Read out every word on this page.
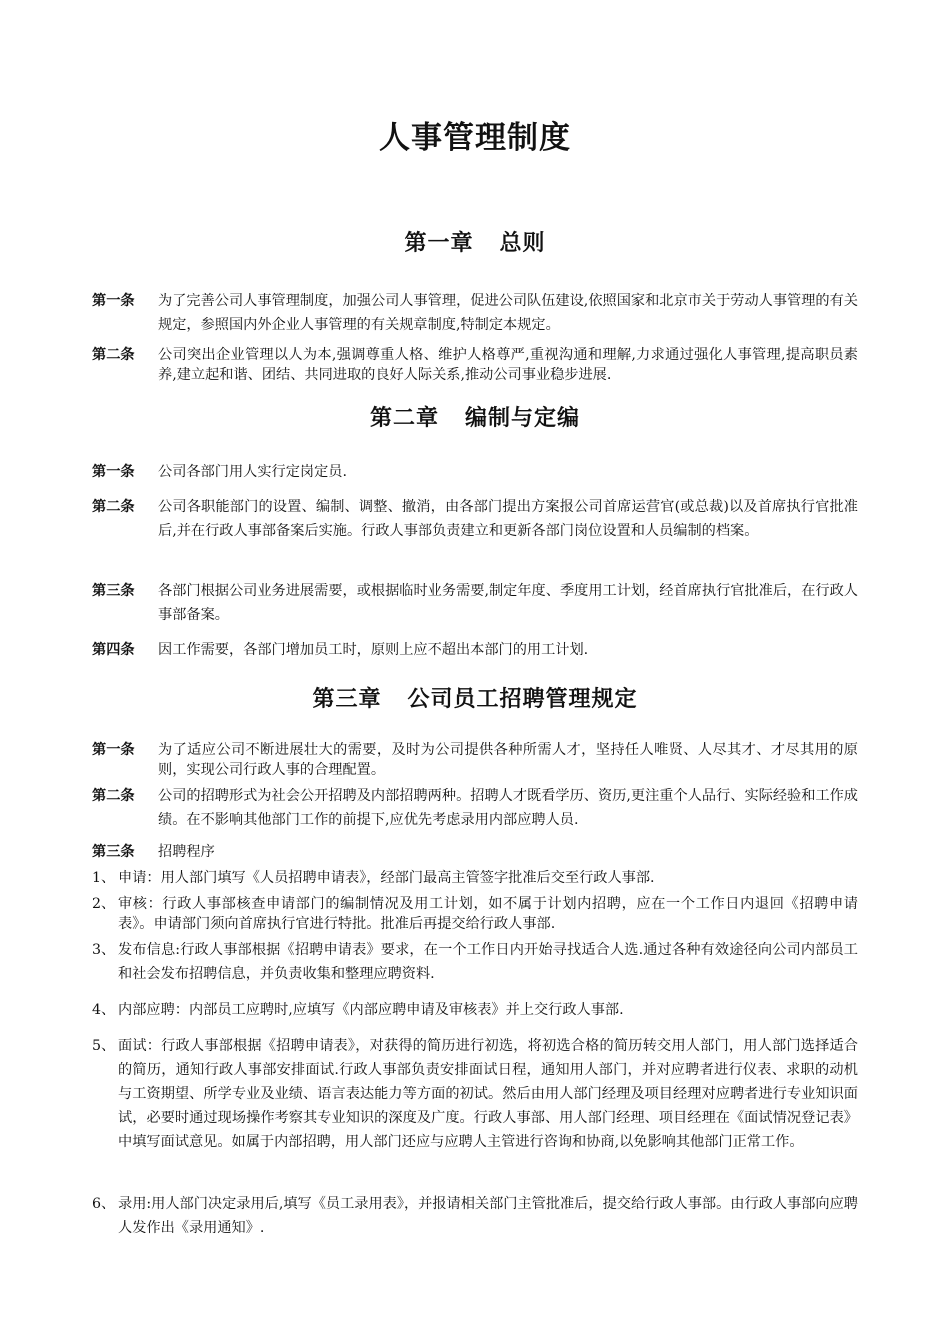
人事管理制度
第一章 总则
第一条	为了完善公司人事管理制度，加强公司人事管理，促进公司队伍建设,依照国家和北京市关于劳动人事管理的有关规定，参照国内外企业人事管理的有关规章制度,特制定本规定。
第二条	公司突出企业管理以人为本,强调尊重人格、维护人格尊严,重视沟通和理解,力求通过强化人事管理,提高职员素养,建立起和谐、团结、共同进取的良好人际关系,推动公司事业稳步进展.
第二章 编制与定编
第一条	公司各部门用人实行定岗定员.
第二条	公司各职能部门的设置、编制、调整、撤消，由各部门提出方案报公司首席运营官(或总裁)以及首席执行官批准后,并在行政人事部备案后实施。行政人事部负责建立和更新各部门岗位设置和人员编制的档案。
第三条	各部门根据公司业务进展需要，或根据临时业务需要,制定年度、季度用工计划，经首席执行官批准后，在行政人事部备案。
第四条	因工作需要，各部门增加员工时，原则上应不超出本部门的用工计划.
第三章 公司员工招聘管理规定
第一条	为了适应公司不断进展壮大的需要，及时为公司提供各种所需人才，坚持任人唯贤、人尽其才、才尽其用的原则，实现公司行政人事的合理配置。
第二条	公司的招聘形式为社会公开招聘及内部招聘两种。招聘人才既看学历、资历,更注重个人品行、实际经验和工作成绩。在不影响其他部门工作的前提下,应优先考虑录用内部应聘人员.
第三条	招聘程序
1、 申请：用人部门填写《人员招聘申请表》，经部门最高主管签字批准后交至行政人事部.
2、 审核：行政人事部核查申请部门的编制情况及用工计划，如不属于计划内招聘，应在一个工作日内退回《招聘申请表》。申请部门须向首席执行官进行特批。批准后再提交给行政人事部.
3、 发布信息:行政人事部根据《招聘申请表》要求，在一个工作日内开始寻找适合人选.通过各种有效途径向公司内部员工和社会发布招聘信息，并负责收集和整理应聘资料.
4、 内部应聘：内部员工应聘时,应填写《内部应聘申请及审核表》并上交行政人事部.
5、 面试：行政人事部根据《招聘申请表》，对获得的简历进行初选，将初选合格的简历转交用人部门，用人部门选择适合的简历，通知行政人事部安排面试.行政人事部负责安排面试日程，通知用人部门，并对应聘者进行仪表、求职的动机与工资期望、所学专业及业绩、语言表达能力等方面的初试。然后由用人部门经理及项目经理对应聘者进行专业知识面试，必要时通过现场操作考察其专业知识的深度及广度。行政人事部、用人部门经理、项目经理在《面试情况登记表》中填写面试意见。如属于内部招聘，用人部门还应与应聘人主管进行咨询和协商,以免影响其他部门正常工作。
6、 录用:用人部门决定录用后,填写《员工录用表》，并报请相关部门主管批准后，提交给行政人事部。由行政人事部向应聘人发作出《录用通知》.
